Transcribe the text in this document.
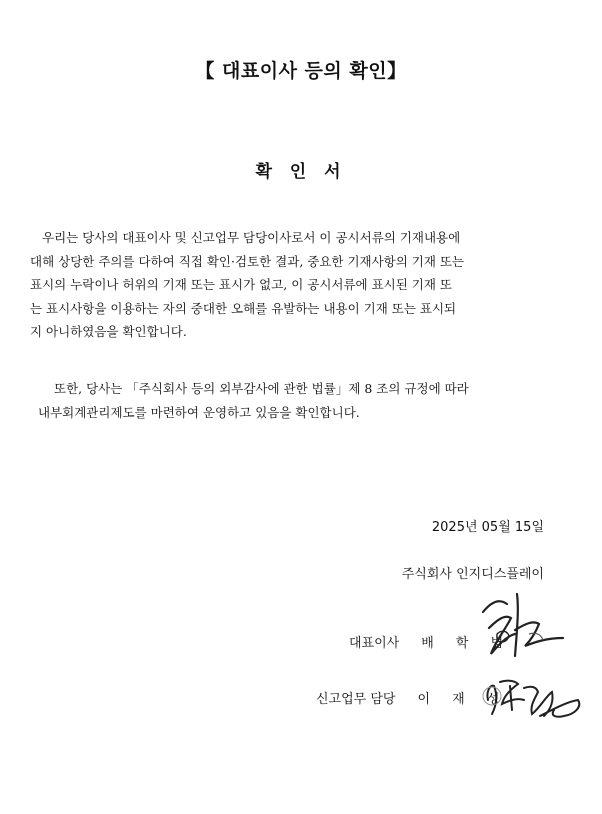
【 대표이사 등의 확인】
확 인 서
우리는 당사의 대표이사 및 신고업무 담당이사로서 이 공시서류의 기재내용에
대해 상당한 주의를 다하여 직접 확인·검토한 결과, 중요한 기재사항의 기재 또는
표시의 누락이나 허위의 기재 또는 표시가 없고, 이 공시서류에 표시된 기재 또
는 표시사항을 이용하는 자의 중대한 오해를 유발하는 내용이 기재 또는 표시되
지 아니하였음을 확인합니다.
또한, 당사는 「주식회사 등의 외부감사에 관한 법률」제 8 조의 규정에 따라
내부회계관리제도를 마련하여 운영하고 있음을 확인합니다.
2025년 05월 15일
주식회사 인지디스플레이
대표이사 배 학 범
신고업무 담당 이 재 성
